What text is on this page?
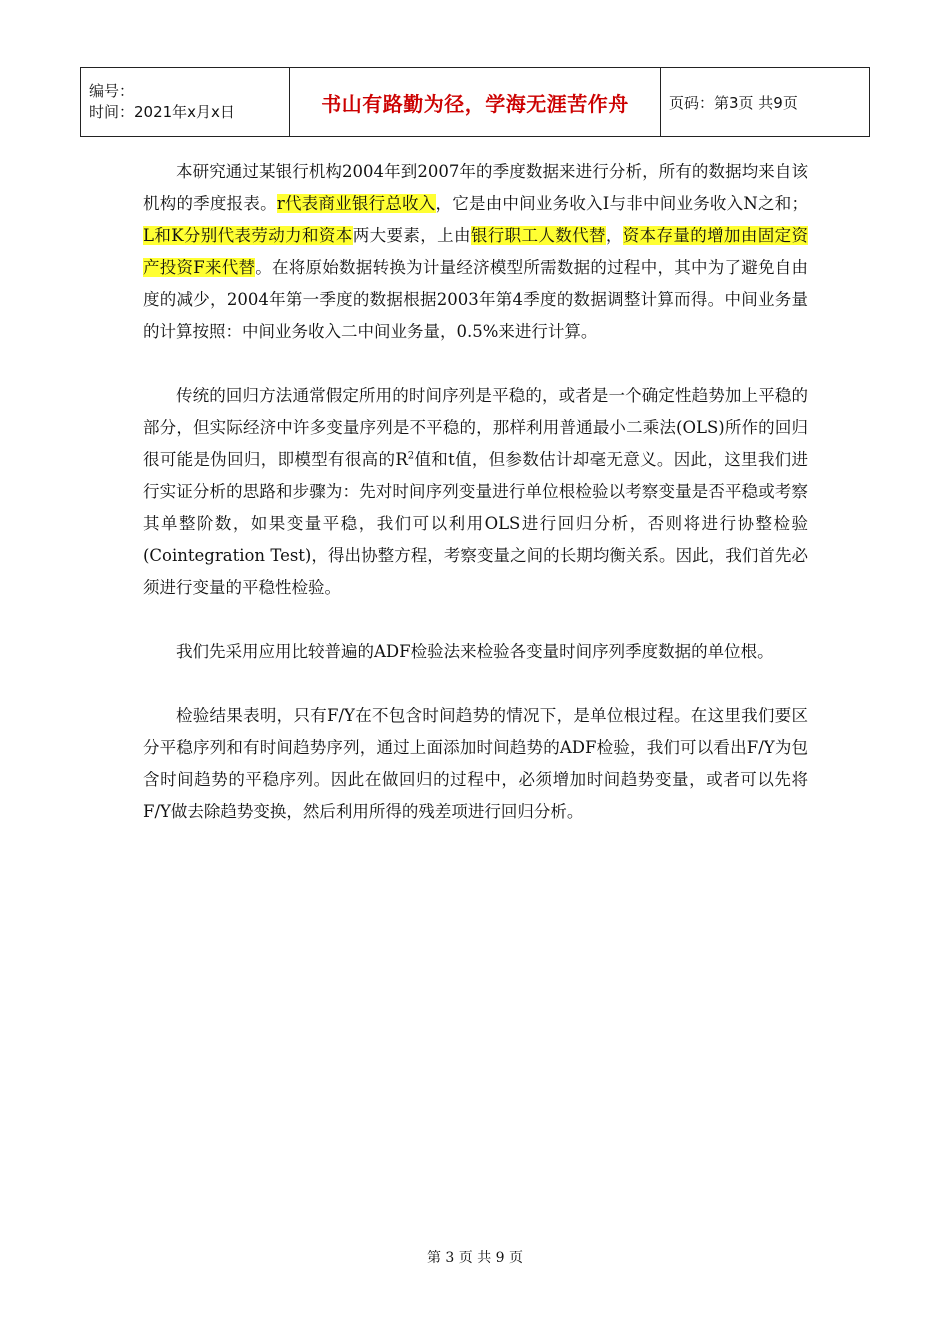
编号：
时间：2021年x月x日	书山有路勤为径，学海无涯苦作舟	页码：第3页 共9页

本研究通过某银行机构2004年到2007年的季度数据来进行分析，所有的数据均来自该机构的季度报表。r代表商业银行总收入，它是由中间业务收入I与非中间业务收入N之和；L和K分别代表劳动力和资本两大要素，上由银行职工人数代替，资本存量的增加由固定资产投资F来代替。在将原始数据转换为计量经济模型所需数据的过程中，其中为了避免自由度的减少，2004年第一季度的数据根据2003年第4季度的数据调整计算而得。中间业务量的计算按照：中间业务收入二中间业务量，0.5%来进行计算。

传统的回归方法通常假定所用的时间序列是平稳的，或者是一个确定性趋势加上平稳的部分，但实际经济中许多变量序列是不平稳的，那样利用普通最小二乘法(OLS)所作的回归很可能是伪回归，即模型有很高的$R^2$值和t值，但参数估计却毫无意义。因此，这里我们进行实证分析的思路和步骤为：先对时间序列变量进行单位根检验以考察变量是否平稳或考察其单整阶数，如果变量平稳，我们可以利用OLS进行回归分析，否则将进行协整检验(Cointegration Test)，得出协整方程，考察变量之间的长期均衡关系。因此，我们首先必须进行变量的平稳性检验。

我们先采用应用比较普遍的ADF检验法来检验各变量时间序列季度数据的单位根。

检验结果表明，只有F/Y在不包含时间趋势的情况下，是单位根过程。在这里我们要区分平稳序列和有时间趋势序列，通过上面添加时间趋势的ADF检验，我们可以看出F/Y为包含时间趋势的平稳序列。因此在做回归的过程中，必须增加时间趋势变量，或者可以先将F/Y做去除趋势变换，然后利用所得的残差项进行回归分析。

第 3 页 共 9 页
